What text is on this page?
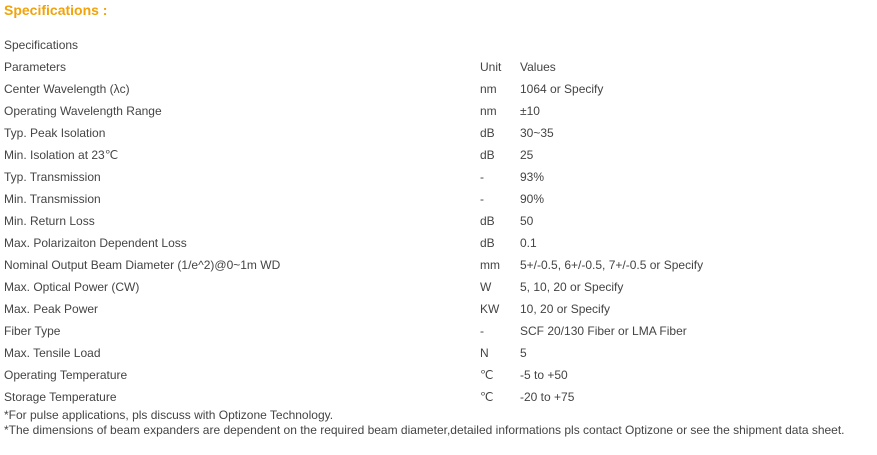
Specifications :
Specifications		
Parameters	Unit	Values
Center Wavelength (λc)	nm	1064 or Specify
Operating Wavelength Range	nm	±10
Typ. Peak Isolation	dB	30~35
Min. Isolation at 23℃	dB	25
Typ. Transmission	-	93%
Min. Transmission	-	90%
Min. Return Loss	dB	50
Max. Polarizaiton Dependent Loss	dB	0.1
Nominal Output Beam Diameter (1/e^2)@0~1m WD	mm	5+/-0.5, 6+/-0.5, 7+/-0.5 or Specify
Max. Optical Power (CW)	W	5, 10, 20 or Specify
Max. Peak Power	KW	10, 20 or Specify
Fiber Type	-	SCF 20/130 Fiber or LMA Fiber
Max. Tensile Load	N	5
Operating Temperature	℃	-5 to +50
Storage Temperature	℃	-20 to +75

*For pulse applications, pls discuss with Optizone Technology.

*The dimensions of beam expanders are dependent on the required beam diameter,detailed informations pls contact Optizone or see the shipment data sheet.
